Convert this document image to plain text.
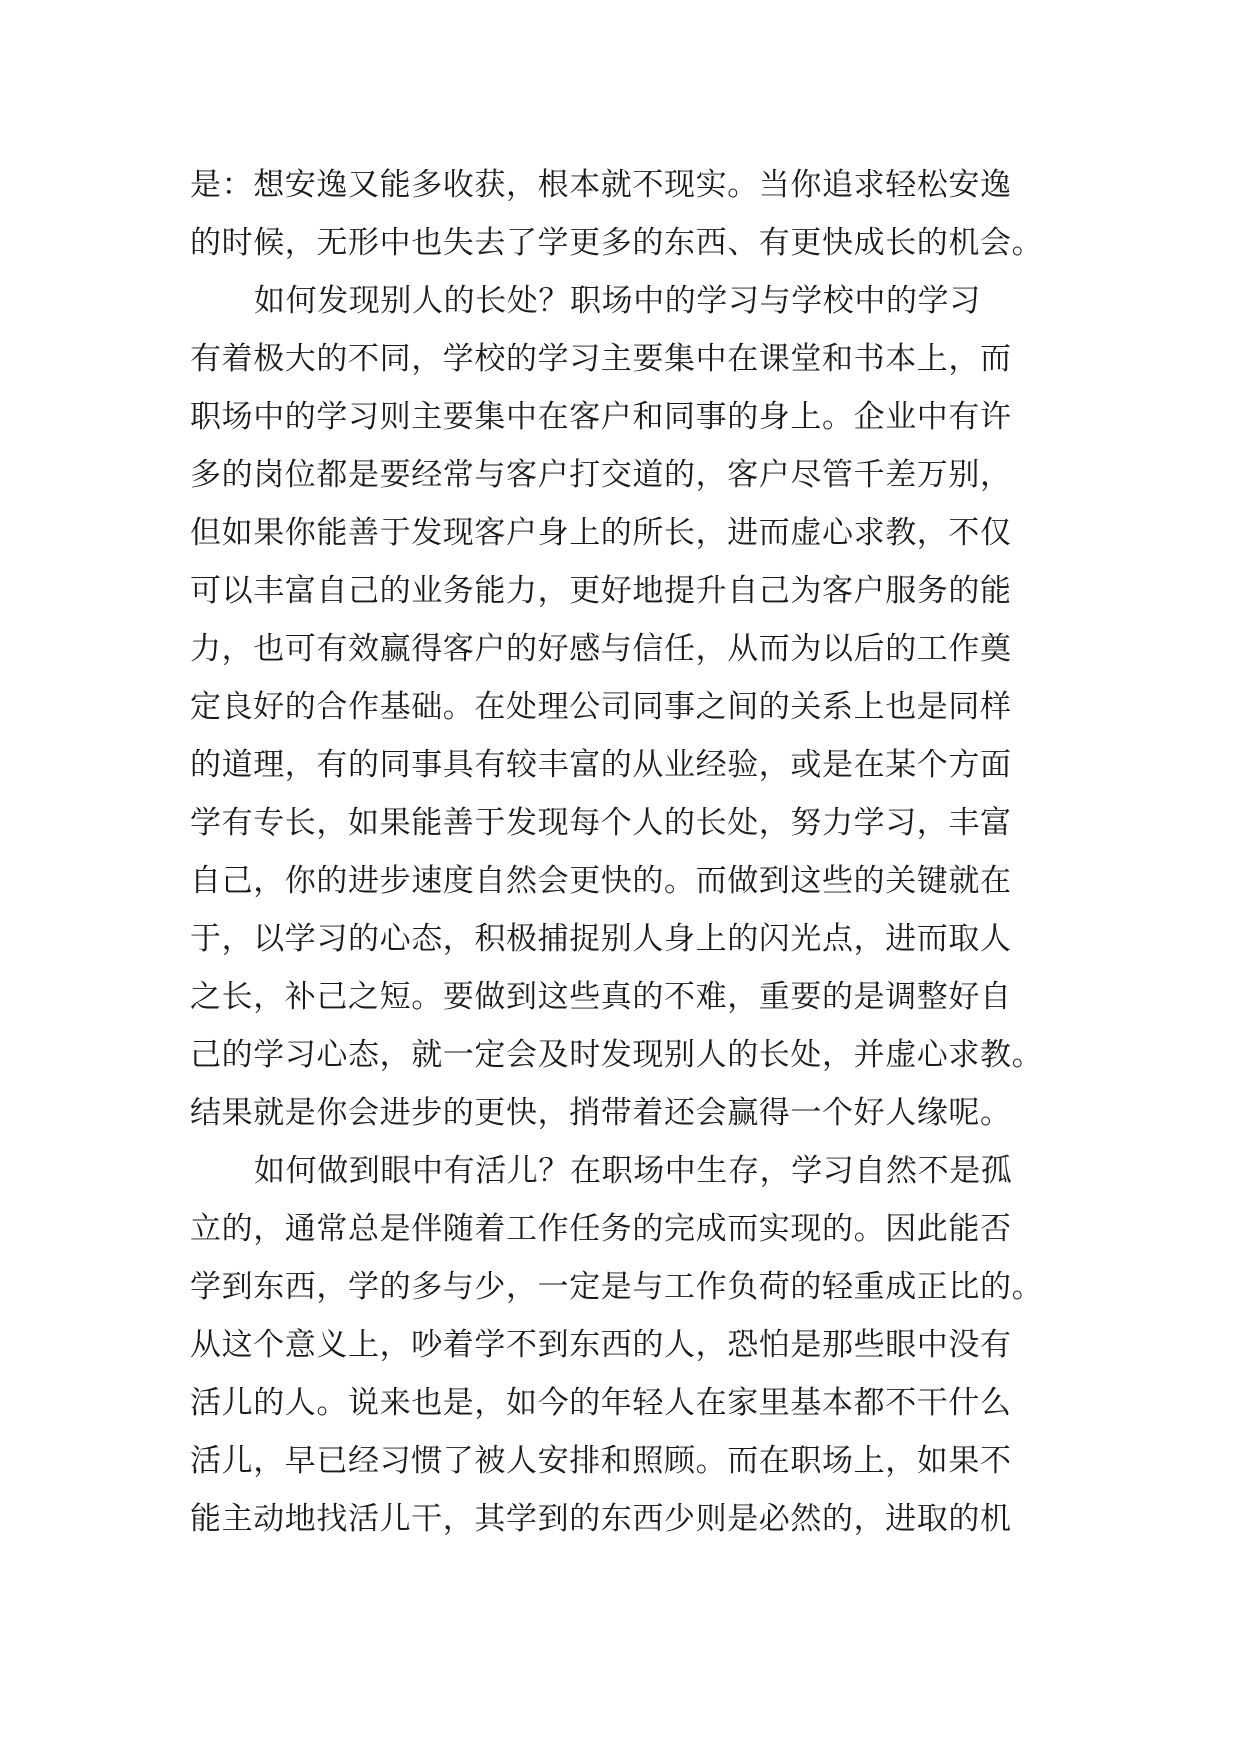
是：想安逸又能多收获，根本就不现实。当你追求轻松安逸
的时候，无形中也失去了学更多的东西、有更快成长的机会。
如何发现别人的长处？职场中的学习与学校中的学习
有着极大的不同，学校的学习主要集中在课堂和书本上，而
职场中的学习则主要集中在客户和同事的身上。企业中有许
多的岗位都是要经常与客户打交道的，客户尽管千差万别，
但如果你能善于发现客户身上的所长，进而虚心求教，不仅
可以丰富自己的业务能力，更好地提升自己为客户服务的能
力，也可有效赢得客户的好感与信任，从而为以后的工作奠
定良好的合作基础。在处理公司同事之间的关系上也是同样
的道理，有的同事具有较丰富的从业经验，或是在某个方面
学有专长，如果能善于发现每个人的长处，努力学习，丰富
自己，你的进步速度自然会更快的。而做到这些的关键就在
于，以学习的心态，积极捕捉别人身上的闪光点，进而取人
之长，补己之短。要做到这些真的不难，重要的是调整好自
己的学习心态，就一定会及时发现别人的长处，并虚心求教。
结果就是你会进步的更快，捎带着还会赢得一个好人缘呢。
如何做到眼中有活儿？在职场中生存，学习自然不是孤
立的，通常总是伴随着工作任务的完成而实现的。因此能否
学到东西，学的多与少，一定是与工作负荷的轻重成正比的。
从这个意义上，吵着学不到东西的人，恐怕是那些眼中没有
活儿的人。说来也是，如今的年轻人在家里基本都不干什么
活儿，早已经习惯了被人安排和照顾。而在职场上，如果不
能主动地找活儿干，其学到的东西少则是必然的，进取的机
